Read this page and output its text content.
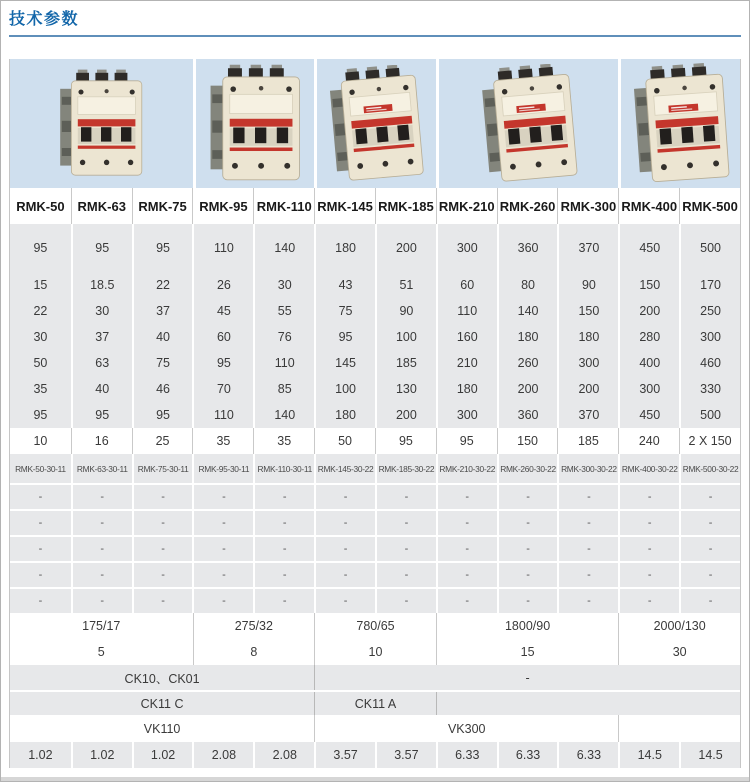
技术参数
RMK-50 RMK-63 RMK-75 RMK-95 RMK-110 RMK-145 RMK-185 RMK-210 RMK-260 RMK-300 RMK-400 RMK-500
95	95	95	110	140	180	200	300	360	370	450	500
15	18.5	22	26	30	43	51	60	80	90	150	170
22	30	37	45	55	75	90	110	140	150	200	250
30	37	40	60	76	95	100	160	180	180	280	300
50	63	75	95	110	145	185	210	260	300	400	460
35	40	46	70	85	100	130	180	200	200	300	330
95	95	95	110	140	180	200	300	360	370	450	500
10	16	25	35	35	50	95	95	150	185	240	2 X 150
RMK-50-30-11	RMK-63-30-11	RMK-75-30-11	RMK-95-30-11 RMK-110-30-11 RMK-145-30-22 RMK-185-30-22 RMK-210-30-22 RMK-260-30-22 RMK-300-30-22 RMK-400-30-22 RMK-500-30-22
-	-	-	-	-	-	-	-	-	-	-	-
-	-	-	-	-	-	-	-	-	-	-	-
-	-	-	-	-	-	-	-	-	-	-	-
-	-	-	-	-	-	-	-	-	-	-	-
-	-	-	-	-	-	-	-	-	-	-	-
175/17	275/32	780/65	1800/90	2000/130
5	8	10	15	30
CK10、CK01	-
CK11 C	CK11 A
VK110	VK300
1.02	1.02	1.02	2.08	2.08	3.57	3.57	6.33	6.33	6.33	14.5	14.5
